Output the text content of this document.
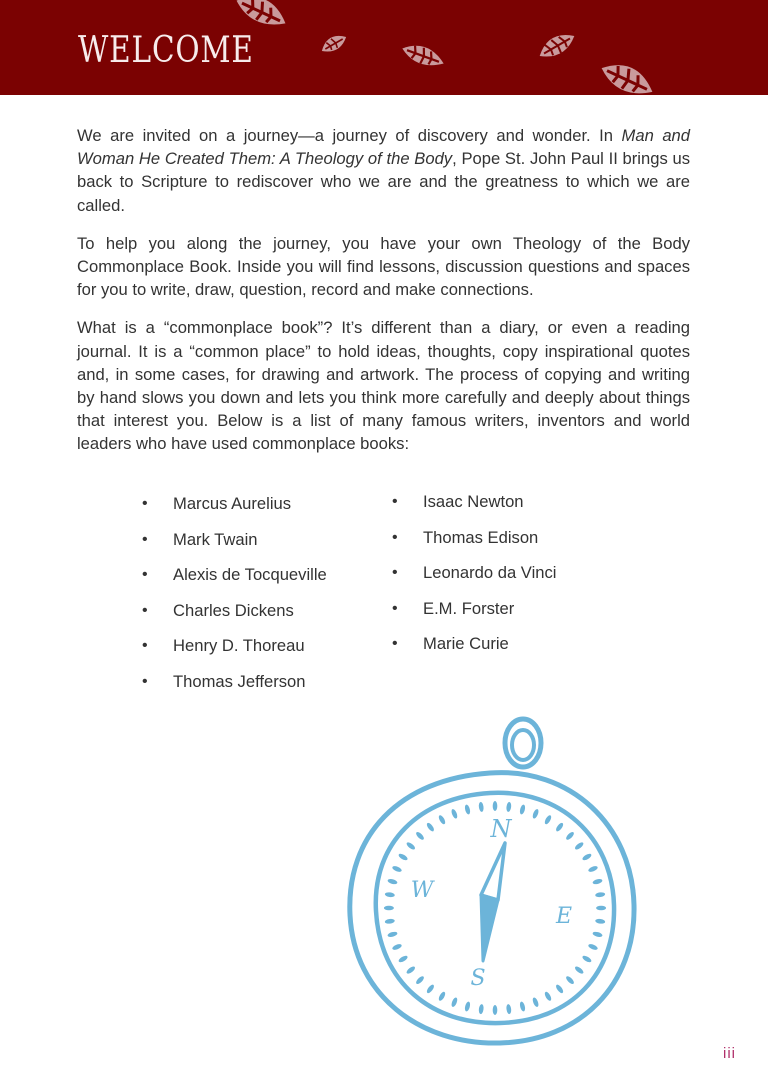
WELCOME

We are invited on a journey—a journey of discovery and wonder. In Man and Woman He Created Them: A Theology of the Body, Pope St. John Paul II brings us back to Scripture to rediscover who we are and the greatness to which we are called.

To help you along the journey, you have your own Theology of the Body Commonplace Book. Inside you will find lessons, discussion questions and spaces for you to write, draw, question, record and make connections.

What is a “commonplace book”? It’s different than a diary, or even a reading journal. It is a “common place” to hold ideas, thoughts, copy inspirational quotes and, in some cases, for drawing and artwork. The process of copying and writing by hand slows you down and lets you think more carefully and deeply about things that interest you. Below is a list of many famous writers, inventors and world leaders who have used commonplace books:

• Marcus Aurelius
• Mark Twain
• Alexis de Tocqueville
• Charles Dickens
• Henry D. Thoreau
• Thomas Jefferson
• Isaac Newton
• Thomas Edison
• Leonardo da Vinci
• E.M. Forster
• Marie Curie
N
S
E
W
iii
